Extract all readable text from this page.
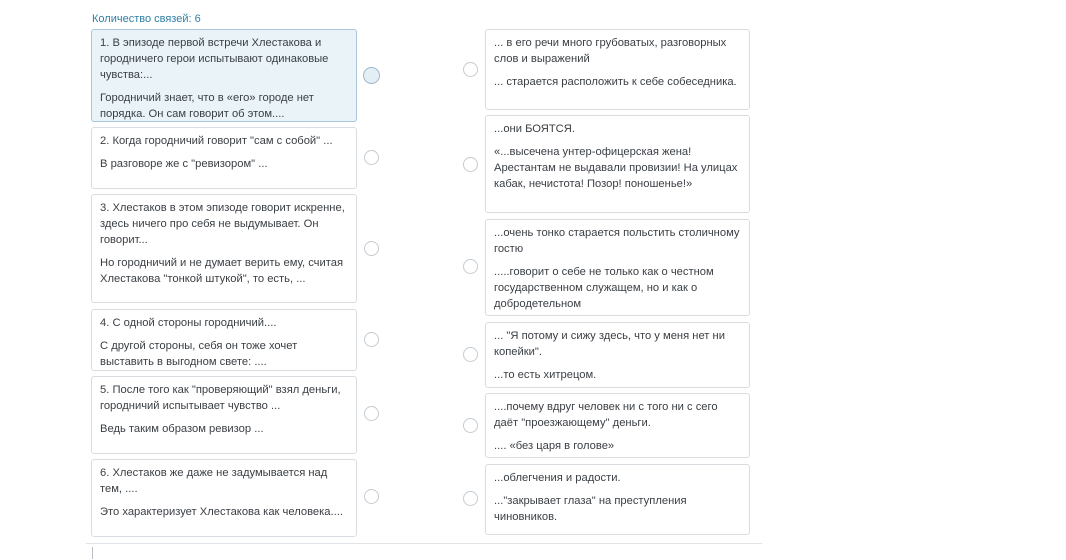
Количество связей: 6

1. В эпизоде первой встречи Хлестакова и городничего герои испытывают одинаковые чувства:...

Городничий знает, что в «его» городе нет порядка. Он сам говорит об этом....

2. Когда городничий говорит "сам с собой" ...

В разговоре же с "ревизором" ...

3. Хлестаков в этом эпизоде говорит искренне, здесь ничего про себя не выдумывает. Он говорит...

Но городничий и не думает верить ему, считая Хлестакова "тонкой штукой", то есть, ...

4. С одной стороны городничий....

С другой стороны, себя он тоже хочет выставить в выгодном свете: ....

5. После того как "проверяющий" взял деньги, городничий испытывает чувство ...

Ведь таким образом ревизор ...

6. Хлестаков же даже не задумывается над тем, ....

Это характеризует Хлестакова как человека....

... в его речи много грубоватых, разговорных слов и выражений

... старается расположить к себе собеседника.

...они БОЯТСЯ.

«...высечена унтер-офицерская жена! Арестантам не выдавали провизии! На улицах кабак, нечистота! Позор! поношенье!»

...очень тонко старается польстить столичному гостю

.....говорит о себе не только как о честном государственном служащем, но и как о добродетельном

... "Я потому и сижу здесь, что у меня нет ни копейки".

...то есть хитрецом.

....почему вдруг человек ни с того ни с сего даёт "проезжающему" деньги.

.... «без царя в голове»

...облегчения и радости.

..."закрывает глаза" на преступления чиновников.
